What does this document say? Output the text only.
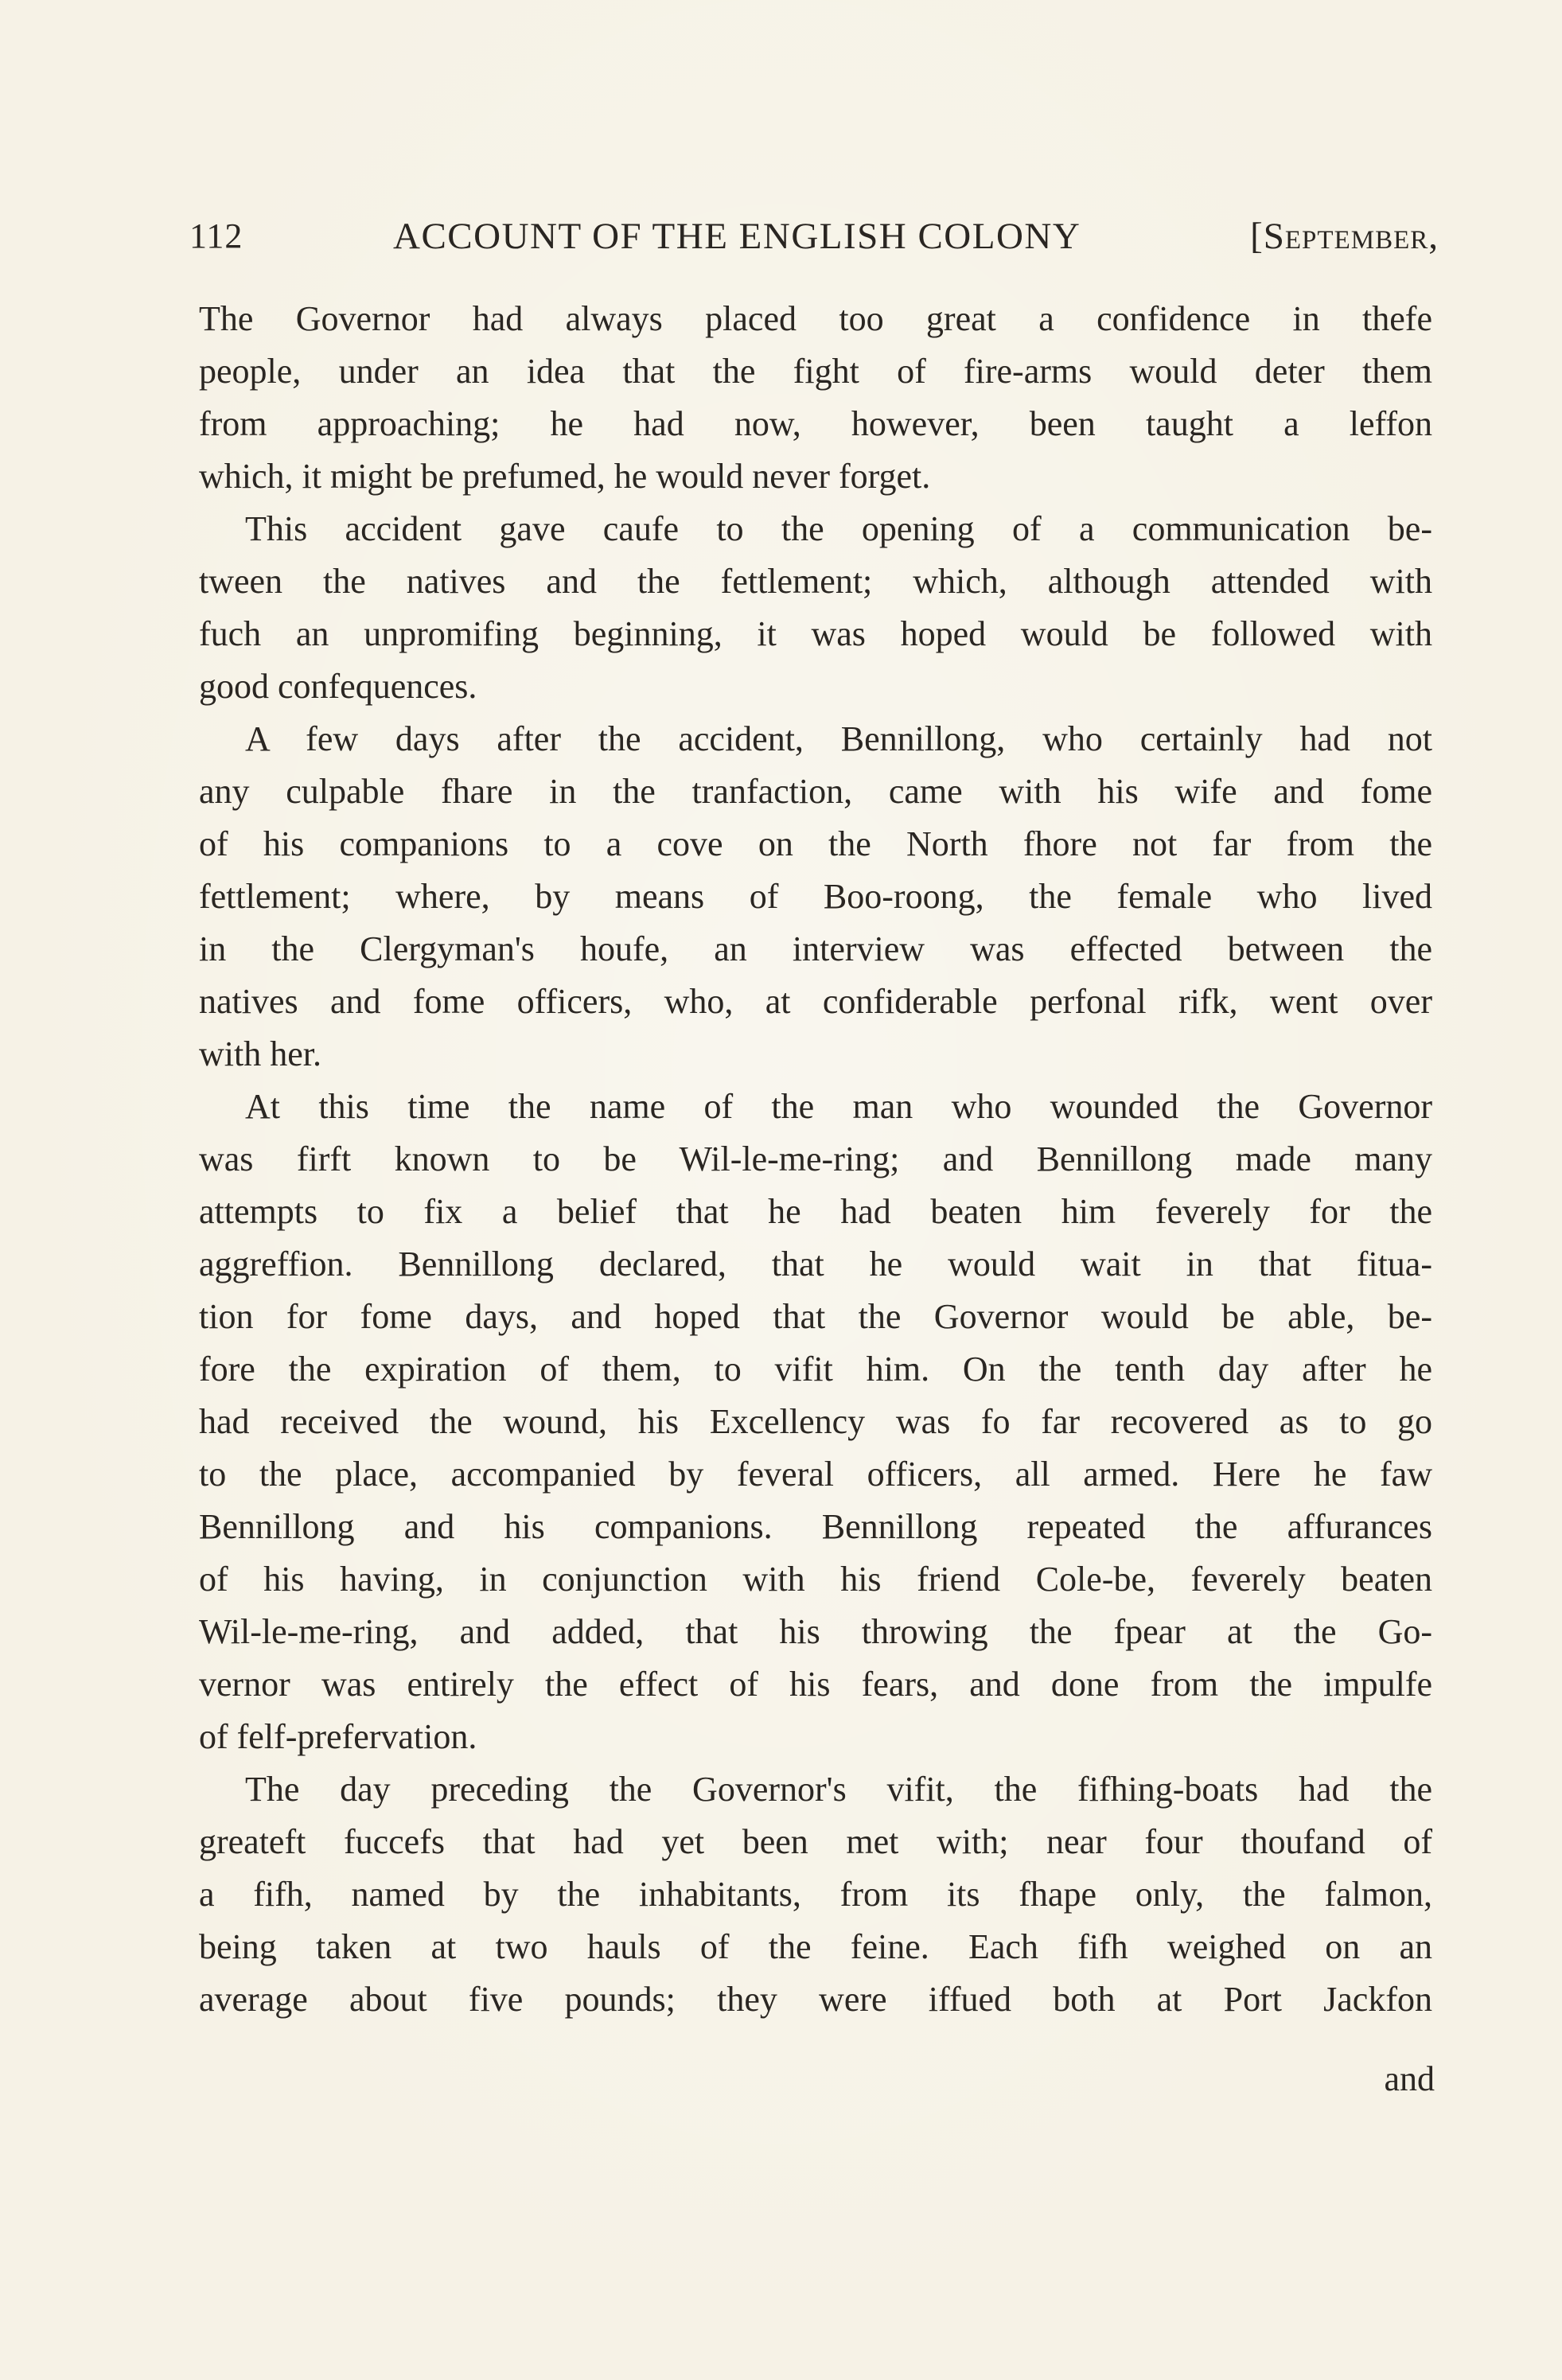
112	ACCOUNT OF THE ENGLISH COLONY	[September,
The Governor had always placed too great a confidence in thefe
people, under an idea that the fight of fire-arms would deter them
from approaching; he had now, however, been taught a leffon
which, it might be prefumed, he would never forget.
This accident gave caufe to the opening of a communication be-
tween the natives and the fettlement; which, although attended with
fuch an unpromifing beginning, it was hoped would be followed with
good confequences.
A few days after the accident, Bennillong, who certainly had not
any culpable fhare in the tranfaction, came with his wife and fome
of his companions to a cove on the North fhore not far from the
fettlement; where, by means of Boo-roong, the female who lived
in the Clergyman's houfe, an interview was effected between the
natives and fome officers, who, at confiderable perfonal rifk, went over
with her.
At this time the name of the man who wounded the Governor
was firft known to be Wil-le-me-ring; and Bennillong made many
attempts to fix a belief that he had beaten him feverely for the
aggreffion. Bennillong declared, that he would wait in that fitua-
tion for fome days, and hoped that the Governor would be able, be-
fore the expiration of them, to vifit him. On the tenth day after he
had received the wound, his Excellency was fo far recovered as to go
to the place, accompanied by feveral officers, all armed. Here he faw
Bennillong and his companions. Bennillong repeated the affurances
of his having, in conjunction with his friend Cole-be, feverely beaten
Wil-le-me-ring, and added, that his throwing the fpear at the Go-
vernor was entirely the effect of his fears, and done from the impulfe
of felf-prefervation.
The day preceding the Governor's vifit, the fifhing-boats had the
greateft fuccefs that had yet been met with; near four thoufand of
a fifh, named by the inhabitants, from its fhape only, the falmon,
being taken at two hauls of the feine. Each fifh weighed on an
average about five pounds; they were iffued both at Port Jackfon
and
